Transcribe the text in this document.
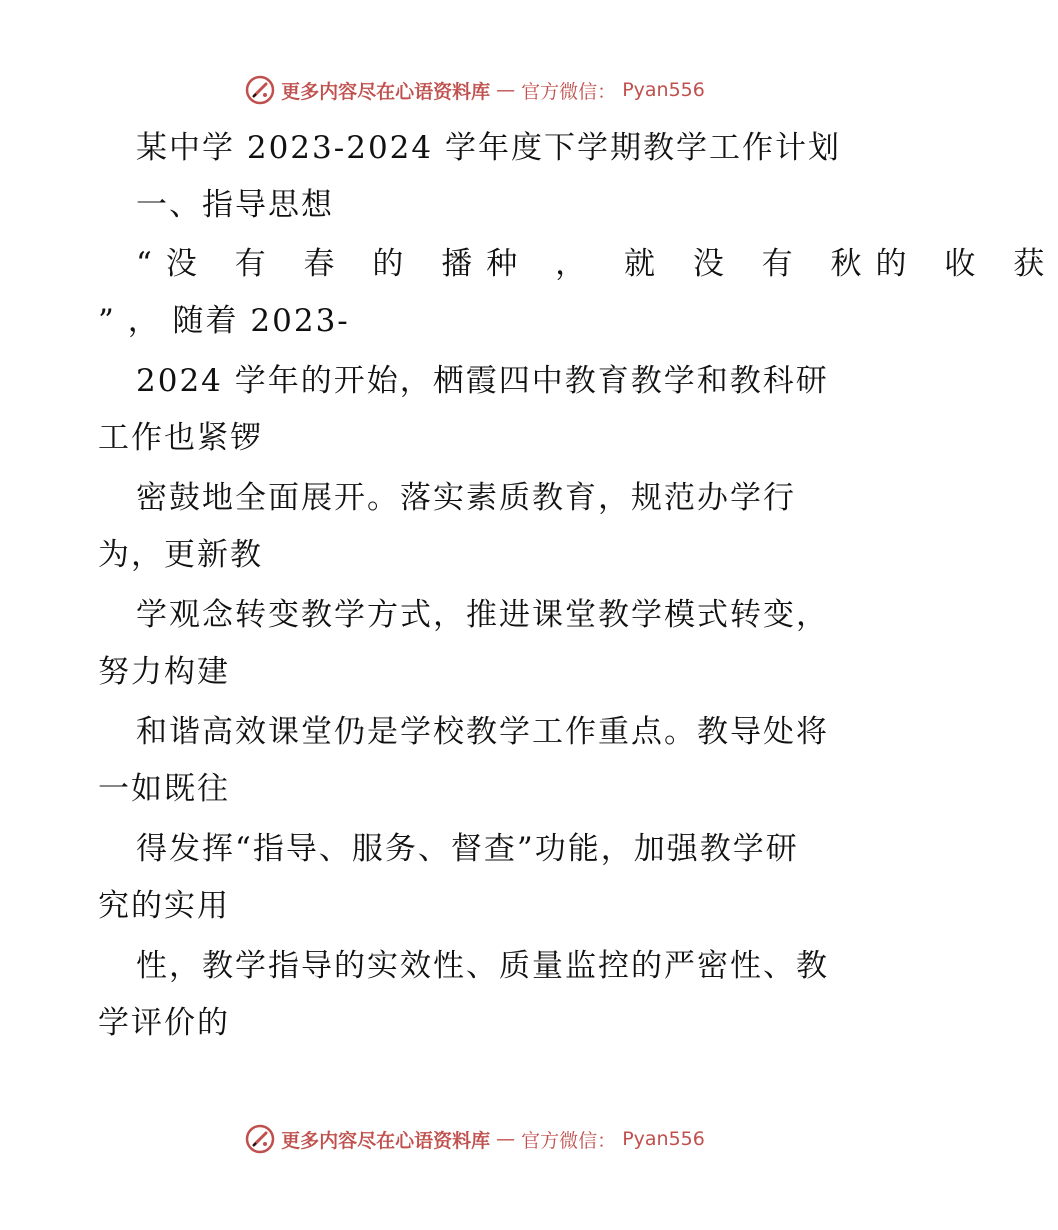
更多内容尽在心语资料库 — 官方微信： Pyan556
某中学 2023-2024 学年度下学期教学工作计划
一、指导思想
“没 有 春 的 播种 ， 就 没 有 秋的 收 获
” ， 随着 2023-
2024 学年的开始，栖霞四中教育教学和教科研
工作也紧锣
密鼓地全面展开。落实素质教育，规范办学行
为，更新教
学观念转变教学方式，推进课堂教学模式转变，
努力构建
和谐高效课堂仍是学校教学工作重点。教导处将
一如既往
得发挥“指导、服务、督查”功能，加强教学研
究的实用
性，教学指导的实效性、质量监控的严密性、教
学评价的
更多内容尽在心语资料库 — 官方微信： Pyan556
